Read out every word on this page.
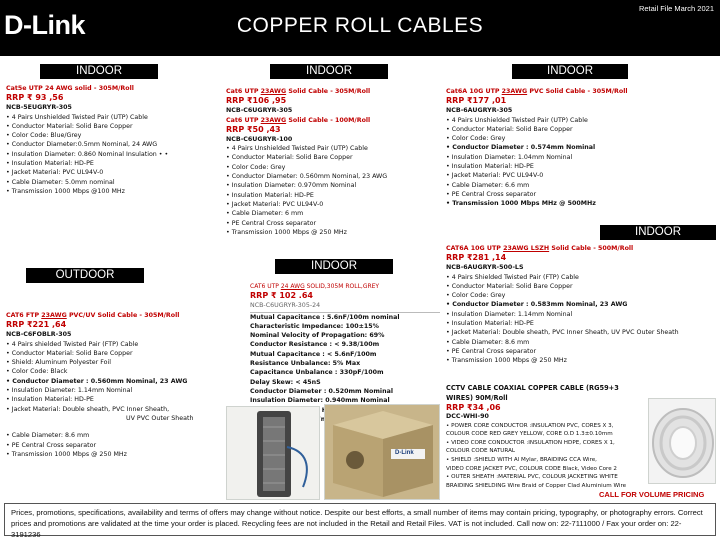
D-Link	COPPER ROLL CABLES
Retail File March 2021
INDOOR
Cat5e UTP 24 AWG solid - 305M/Roll
RRP ₹ 93 ,56
NCB-5EUGRYR-305
• 4 Pairs Unshielded Twisted Pair (UTP) Cable
• Conductor Material: Solid Bare Copper
• Color Code: Blue/Grey
• Conductor Diameter:0.5mm Nominal, 24 AWG
• Insulation Diameter: 0.860 Nominal Insulation • •
• Insulation Material: HD-PE
• Jacket Material: PVC UL94V-0
• Cable Diameter: 5.0mm nominal
• Transmission 1000 Mbps @100 MHz
OUTDOOR
CAT6 FTP 23AWG PVC/UV Solid Cable - 305M/Roll
RRP ₹221 ,64
NCB-C6FOBLR-305
• 4 Pairs shielded Twisted Pair (FTP) Cable
• Conductor Material: Solid Bare Copper
• Shield: Aluminum Polyester Foil
• Color Code: Black
• Conductor Diameter : 0.560mm Nominal, 23 AWG
• Insulation Diameter: 1.14mm Nominal
• Insulation Material: HD-PE
• Jacket Material: Double sheath, PVC Inner Sheath,
UV PVC Outer Sheath
• Cable Diameter: 8.6 mm
• PE Central Cross separator
• Transmission 1000 Mbps @ 250 MHz
INDOOR
Cat6 UTP 23AWG Solid Cable - 305M/Roll
RRP ₹106 ,95
NCB-C6UGRYR-305
Cat6 UTP 23AWG Solid Cable - 100M/Roll
RRP ₹50 ,43
NCB-C6UGRYR-100
• 4 Pairs Unshielded Twisted Pair (UTP) Cable
• Conductor Material: Solid Bare Copper
• Color Code: Grey
• Conductor Diameter: 0.560mm Nominal, 23 AWG
• Insulation Diameter: 0.970mm Nominal
• Insulation Material: HD-PE
• Jacket Material: PVC UL94V-0
• Cable Diameter: 6 mm
• PE Central Cross separator
• Transmission 1000 Mbps @ 250 MHz
INDOOR
CAT6 UTP 24 AWG SOLID,305M ROLL,GREY
RRP ₹ 102 .64
NCB-C6UGRYR-305-24
Mutual Capacitance : 5.6nF/100m nominal
Characteristic Impedance: 100±15%
Nominal Velocity of Propagation: 69%
Conductor Resistance : < 9.38/100m
Mutual Capacitance : < 5.6nF/100m
Resistance Unbalance: 5% Max
Capacitance Unbalance : 330pF/100m
Delay Skew: < 45nS
Conductor Diameter : 0.520mm Nominal
Insulation Diameter: 0.940mm Nominal
5.7mm
D-Link
INDOOR
Cat6A 10G UTP 23AWG PVC Solid Cable - 305M/Roll
RRP ₹177 ,01
NCB-6AUGRYR-305
• 4 Pairs Unshielded Twisted Pair (UTP) Cable
• Conductor Material: Solid Bare Copper
• Color Code: Grey
• Conductor Diameter : 0.574mm Nominal
• Insulation Diameter: 1.04mm Nominal
• Insulation Material: HD-PE
• Jacket Material: PVC UL94V-0
• Cable Diameter: 6.6 mm
• PE Central Cross separator
• Transmission 1000 Mbps MHz @ 500MHz
INDOOR
CAT6A 10G UTP 23AWG LSZH Solid Cable - 500M/Roll
RRP ₹281 ,14
NCB-6AUGRYR-500-LS
• 4 Pairs Shielded Twisted Pair (FTP) Cable
• Conductor Material: Solid Bare Copper
• Color Code: Grey
• Conductor Diameter : 0.583mm Nominal, 23 AWG
• Insulation Diameter: 1.14mm Nominal
• Insulation Material: HD-PE
• Jacket Material: Double sheath, PVC Inner Sheath, UV PVC Outer Sheath
• Cable Diameter: 8.6 mm
• PE Central Cross separator
• Transmission 1000 Mbps @ 250 MHz
CCTV CABLE COAXIAL COPPER CABLE (RG59+3 WIRES) 90M/Roll
RRP ₹34 ,06
DCC-WHI-90
• POWER CORE CONDUCTOR :INSULATION PVC, CORES X 3,
COLOUR CODE RED GREY YELLOW, CORE O.D 1.3±0.10mm
• VIDEO CORE CONDUCTOR :INSULATION HDPE, CORES X 1,
COLOUR CODE NATURAL
• SHIELD :SHIELD WITH Al Mylar, BRAIDING CCA Wire,
VIDEO CORE JACKET PVC, COLOUR CODE Black, Video Core 2
• OUTER SHEATH :MATERIAL PVC, COLOUR JACKETING WHITE
BRAIDING SHIELDING Wire Braid of Copper Clad Aluminium Wire
CALL FOR VOLUME PRICING
Prices, promotions, specifications, availability and terms of offers may change without notice. Despite our best efforts, a small number of items may contain pricing, typography, or photography errors. Correct prices and promotions are validated at the time your order is placed. Recycling fees are not included in the Retail and Retail Files. VAT is not included. Call now on: 22-7111000 / Fax your order on: 22-3191236
